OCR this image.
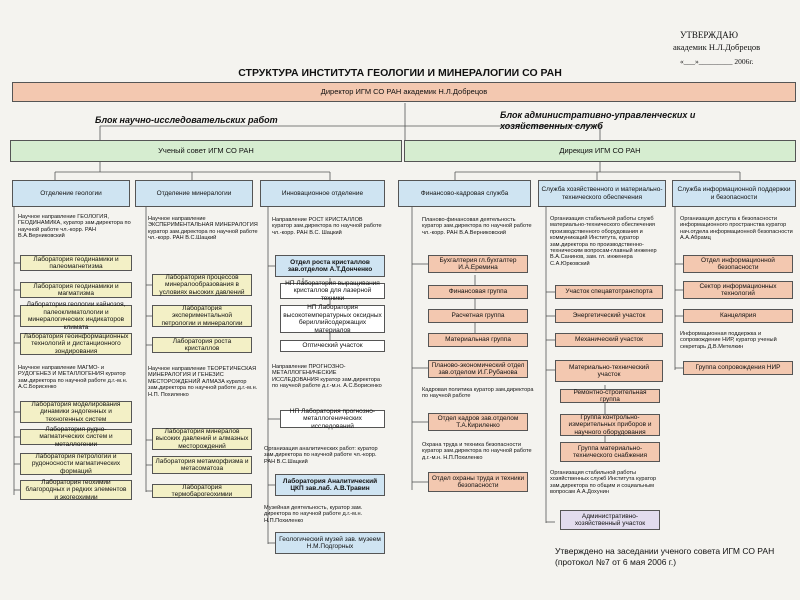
УТВЕРЖДАЮ
академик Н.Л.Добрецов
«___»_________ 2006г.
СТРУКТУРА ИНСТИТУТА ГЕОЛОГИИ И МИНЕРАЛОГИИ СО РАН
Директор ИГМ СО РАН академик Н.Л.Добрецов
Блок научно-исследовательских работ	Блок административно-управленческих и хозяйственных служб
Ученый совет ИГМ СО РАН	Дирекция ИГМ СО РАН
Отделение геологии	Отделение минералогии	Инновационное отделение	Финансово-кадровая служба
Служба хозяйственного и материально-технического обеспечения
Служба информационной поддержки и безопасности
Научное направление ГЕОЛОГИЯ, ГЕОДИНАМИКА, куратор зам.директора по научной работе чл.-корр. РАН В.А.Верниковский
Лаборатория геодинамики и палеомагнетизма
Лаборатория геодинамики и магматизма
Лаборатория геологии кайнозоя, палеоклиматологии и минералогических индикаторов климата
Лаборатория геоинформационных технологий и дистанционного зондирования
Научное направление МАГМО- и РУДОГЕНЕЗ И МЕТАЛЛОГЕНИЯ куратор зам.директора по научной работе д.г.-м.н. А.С.Борисенко
Лаборатория моделирования динамики эндогенных и техногенных систем
Лаборатория рудно-магматических систем и металлогении
Лаборатория петрологии и рудоносности магматических формаций
Лаборатория геохимии благородных и редких элементов и экогеохимии
Научное направление ЭКСПЕРИМЕНТАЛЬНАЯ МИНЕРАЛОГИЯ куратор зам.директора по научной работе чл.-корр. РАН В.С.Шацкий
Лаборатория процессов минералообразования в условиях высоких давлений
Лаборатория экспериментальной петрологии и минералогии
Лаборатория роста кристаллов
Научное направление ТЕОРЕТИЧЕСКАЯ МИНЕРАЛОГИЯ И ГЕНЕЗИС МЕСТОРОЖДЕНИЙ АЛМАЗА куратор зам.директора по научной работе д.г.-м.н. Н.П. Похиленко
Лаборатория минералов высоких давлений и алмазных месторождений
Лаборатория метаморфизма и метасоматоза
Лаборатория термобарогеохимии
Направление РОСТ КРИСТАЛЛОВ куратор зам.директора по научной работе чл.-корр. РАН В.С. Шацкий
Отдел роста кристаллов зав.отделом А.Т.Донченко
НП Лаборатория выращивания кристаллов для лазерной техники
НП Лаборатория высокотемпературных оксидных бериллийсодержащих материалов
Оптический участок
Направление ПРОГНОЗНО-МЕТАЛЛОГЕНИЧЕСКИЕ ИССЛЕДОВАНИЯ куратор зам.директора по научной работе д.г.-м.н. А.С.Борисенко
НП Лаборатория прогнозно-металлогенических исследований
Организация аналитических работ: куратор зам.директора по научной работе чл.-корр. РАН В.С.Шацкий
Лаборатория Аналитический ЦКП зав.лаб. А.В.Травин
Музейная деятельность, куратор зам. директора по научной работе д.г.-м.н. Н.П.Похиленко
Геологический музей зав. музеем Н.М.Подгорных
Планово-финансовая деятельность куратор зам.директора по научной работе чл.-корр. РАН В.А.Верниковский
Бухгалтерия гл.бухгалтер И.А.Еремина
Финансовая группа
Расчетная группа
Материальная группа
Планово-экономический отдел зав.отделом И.Г.Рубанова
Кадровая политика куратор зам.директора по научной работе
Отдел кадров зав.отделом Т.А.Кириленко
Охрана труда и техника безопасности куратор зам.директора по научной работе д.г.-м.н. Н.П.Похиленко
Отдел охраны труда и техники безопасности
Организация стабильной работы служб материально-технического обеспечения производственного оборудования и коммуникаций Института, куратор зам.директора по производственно-техническим вопросам-главный инженер В.А.Санинов, зам. гл. инженера С.А.Юрковский
Участок спецавтотранспорта
Энергетический участок
Механический участок
Материально-технический участок
Ремонтно-строительная группа
Группа контрольно-измерительных приборов и научного оборудования
Группа материально-технического снабжения
Организация стабильной работы хозяйственных служб Института куратор зам.директора по общим и социальным вопросам А.А.Дохунин
Административно-хозяйственный участок
Организация доступа к безопасности информационного пространства куратор нач.отдела информационной безопасности А.А.Абрамц
Отдел информационной безопасности
Сектор информационных технологий
Канцелярия
Информационная поддержка и сопровождение НИР, куратор ученый секретарь Д.В.Метелкин
Группа сопровождения НИР
Утверждено на заседании ученого совета ИГМ СО РАН
(протокол №7 от 6 мая 2006 г.)
